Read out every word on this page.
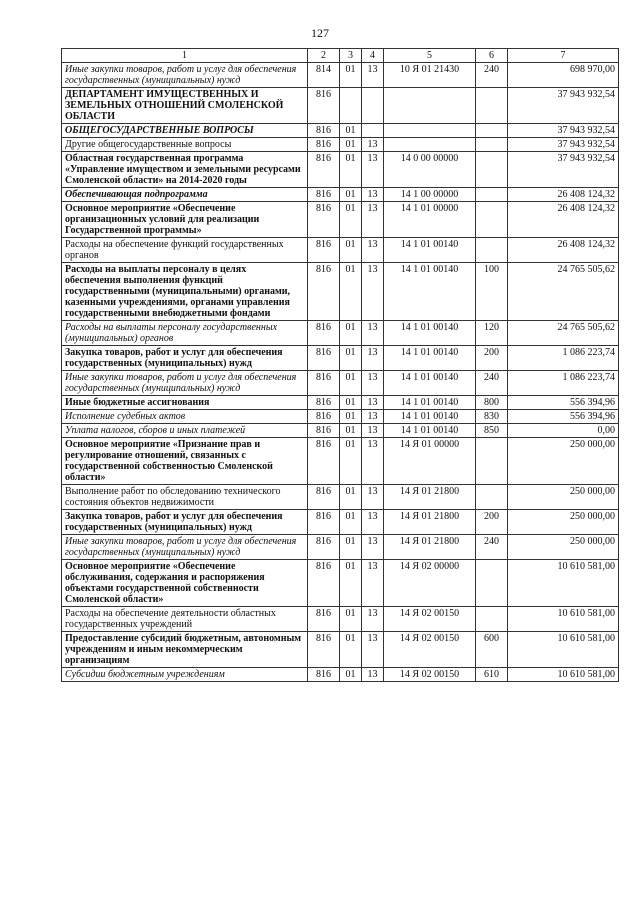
127
1	2	3	4	5	6	7
Иные закупки товаров, работ и услуг для обеспечения государственных (муниципальных) нужд	814	01	13	10 Я 01 21430	240	698 970,00
ДЕПАРТАМЕНТ ИМУЩЕСТВЕННЫХ И ЗЕМЕЛЬНЫХ ОТНОШЕНИЙ СМОЛЕНСКОЙ ОБЛАСТИ	816					37 943 932,54
ОБЩЕГОСУДАРСТВЕННЫЕ ВОПРОСЫ	816	01				37 943 932,54
Другие общегосударственные вопросы	816	01	13			37 943 932,54
Областная государственная программа «Управление имуществом и земельными ресурсами Смоленской области» на 2014-2020 годы	816	01	13	14 0 00 00000		37 943 932,54
Обеспечивающая подпрограмма	816	01	13	14 1 00 00000		26 408 124,32
Основное мероприятие «Обеспечение организационных условий для реализации Государственной программы»	816	01	13	14 1 01 00000		26 408 124,32
Расходы на обеспечение функций государственных органов	816	01	13	14 1 01 00140		26 408 124,32
Расходы на выплаты персоналу в целях обеспечения выполнения функций государственными (муниципальными) органами, казенными учреждениями, органами управления государственными внебюджетными фондами	816	01	13	14 1 01 00140	100	24 765 505,62
Расходы на выплаты персоналу государственных (муниципальных) органов	816	01	13	14 1 01 00140	120	24 765 505,62
Закупка товаров, работ и услуг для обеспечения государственных (муниципальных) нужд	816	01	13	14 1 01 00140	200	1 086 223,74
Иные закупки товаров, работ и услуг для обеспечения государственных (муниципальных) нужд	816	01	13	14 1 01 00140	240	1 086 223,74
Иные бюджетные ассигнования	816	01	13	14 1 01 00140	800	556 394,96
Исполнение судебных актов	816	01	13	14 1 01 00140	830	556 394,96
Уплата налогов, сборов и иных платежей	816	01	13	14 1 01 00140	850	0,00
Основное мероприятие «Признание прав и регулирование отношений, связанных с государственной собственностью Смоленской области»	816	01	13	14 Я 01 00000		250 000,00
Выполнение работ по обследованию технического состояния объектов недвижимости	816	01	13	14 Я 01 21800		250 000,00
Закупка товаров, работ и услуг для обеспечения государственных (муниципальных) нужд	816	01	13	14 Я 01 21800	200	250 000,00
Иные закупки товаров, работ и услуг для обеспечения государственных (муниципальных) нужд	816	01	13	14 Я 01 21800	240	250 000,00
Основное мероприятие «Обеспечение обслуживания, содержания и распоряжения объектами государственной собственности Смоленской области»	816	01	13	14 Я 02 00000		10 610 581,00
Расходы на обеспечение деятельности областных государственных учреждений	816	01	13	14 Я 02 00150		10 610 581,00
Предоставление субсидий бюджетным, автономным учреждениям и иным некоммерческим организациям	816	01	13	14 Я 02 00150	600	10 610 581,00
Субсидии бюджетным учреждениям	816	01	13	14 Я 02 00150	610	10 610 581,00
